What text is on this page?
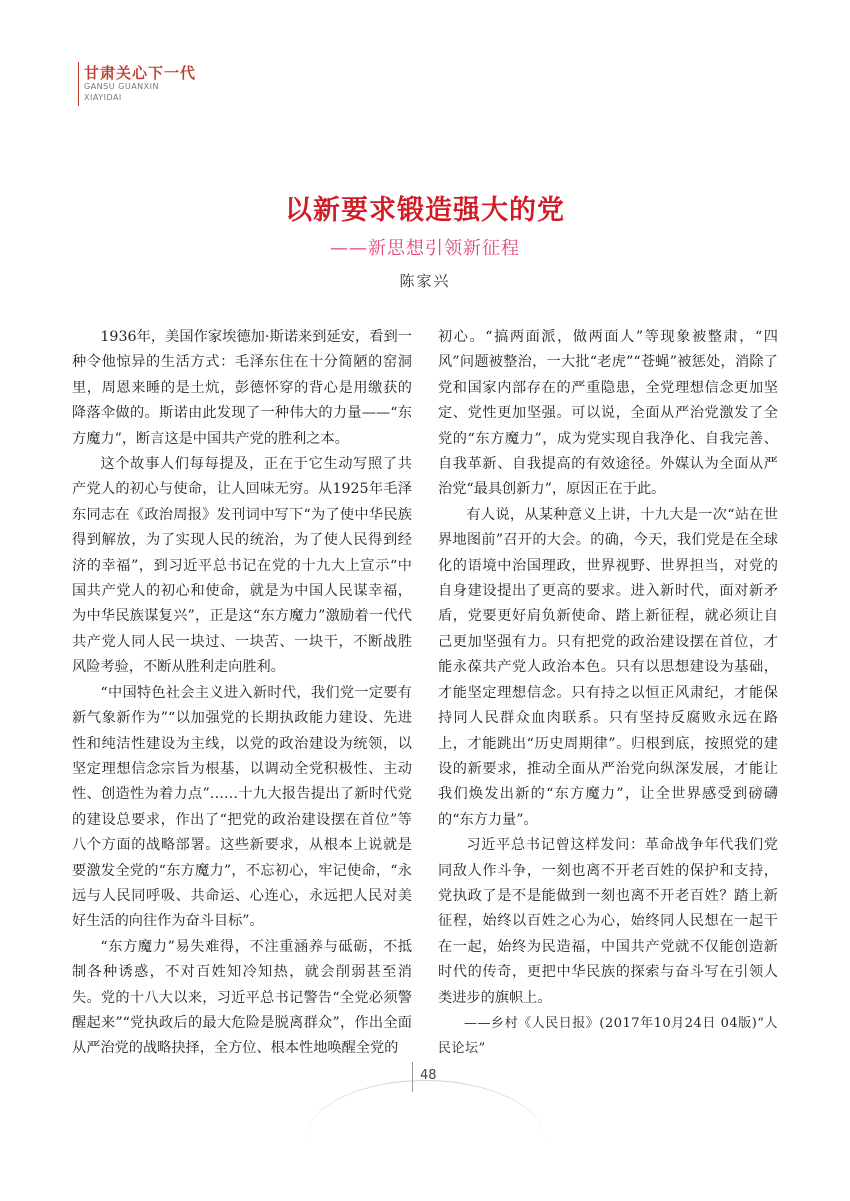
甘肃关心下一代
GANSU GUANXIN
XIAYIDAI
以新要求锻造强大的党
——新思想引领新征程
陈家兴

1936年，美国作家埃德加·斯诺来到延安，看到一种令他惊异的生活方式：毛泽东住在十分简陋的窑洞里，周恩来睡的是土炕，彭德怀穿的背心是用缴获的降落伞做的。斯诺由此发现了一种伟大的力量——“东方魔力”，断言这是中国共产党的胜利之本。

这个故事人们每每提及，正在于它生动写照了共产党人的初心与使命，让人回味无穷。从1925年毛泽东同志在《政治周报》发刊词中写下“为了使中华民族得到解放，为了实现人民的统治，为了使人民得到经济的幸福”，到习近平总书记在党的十九大上宣示“中国共产党人的初心和使命，就是为中国人民谋幸福，为中华民族谋复兴”，正是这“东方魔力”激励着一代代共产党人同人民一块过、一块苦、一块干，不断战胜风险考验，不断从胜利走向胜利。

“中国特色社会主义进入新时代，我们党一定要有新气象新作为”“以加强党的长期执政能力建设、先进性和纯洁性建设为主线，以党的政治建设为统领，以坚定理想信念宗旨为根基，以调动全党积极性、主动性、创造性为着力点”……十九大报告提出了新时代党的建设总要求，作出了“把党的政治建设摆在首位”等八个方面的战略部署。这些新要求，从根本上说就是要激发全党的“东方魔力”，不忘初心，牢记使命，“永远与人民同呼吸、共命运、心连心，永远把人民对美好生活的向往作为奋斗目标”。

“东方魔力”易失难得，不注重涵养与砥砺，不抵制各种诱惑，不对百姓知冷知热，就会削弱甚至消失。党的十八大以来，习近平总书记警告“全党必须警醒起来”“党执政后的最大危险是脱离群众”，作出全面从严治党的战略抉择，全方位、根本性地唤醒全党的

初心。“搞两面派，做两面人”等现象被整肃，“四风”问题被整治，一大批“老虎”“苍蝇”被惩处，消除了党和国家内部存在的严重隐患，全党理想信念更加坚定、党性更加坚强。可以说，全面从严治党激发了全党的“东方魔力”，成为党实现自我净化、自我完善、自我革新、自我提高的有效途径。外媒认为全面从严治党“最具创新力”，原因正在于此。

有人说，从某种意义上讲，十九大是一次“站在世界地图前”召开的大会。的确，今天，我们党是在全球化的语境中治国理政，世界视野、世界担当，对党的自身建设提出了更高的要求。进入新时代，面对新矛盾，党要更好肩负新使命、踏上新征程，就必须让自己更加坚强有力。只有把党的政治建设摆在首位，才能永葆共产党人政治本色。只有以思想建设为基础，才能坚定理想信念。只有持之以恒正风肃纪，才能保持同人民群众血肉联系。只有坚持反腐败永远在路上，才能跳出“历史周期律”。归根到底，按照党的建设的新要求，推动全面从严治党向纵深发展，才能让我们焕发出新的“东方魔力”，让全世界感受到磅礴的“东方力量”。

习近平总书记曾这样发问：革命战争年代我们党同敌人作斗争，一刻也离不开老百姓的保护和支持，党执政了是不是能做到一刻也离不开老百姓？踏上新征程，始终以百姓之心为心，始终同人民想在一起干在一起，始终为民造福，中国共产党就不仅能创造新时代的传奇，更把中华民族的探索与奋斗写在引领人类进步的旗帜上。

——乡村《人民日报》(2017年10月24日 04版)“人民论坛”

48
